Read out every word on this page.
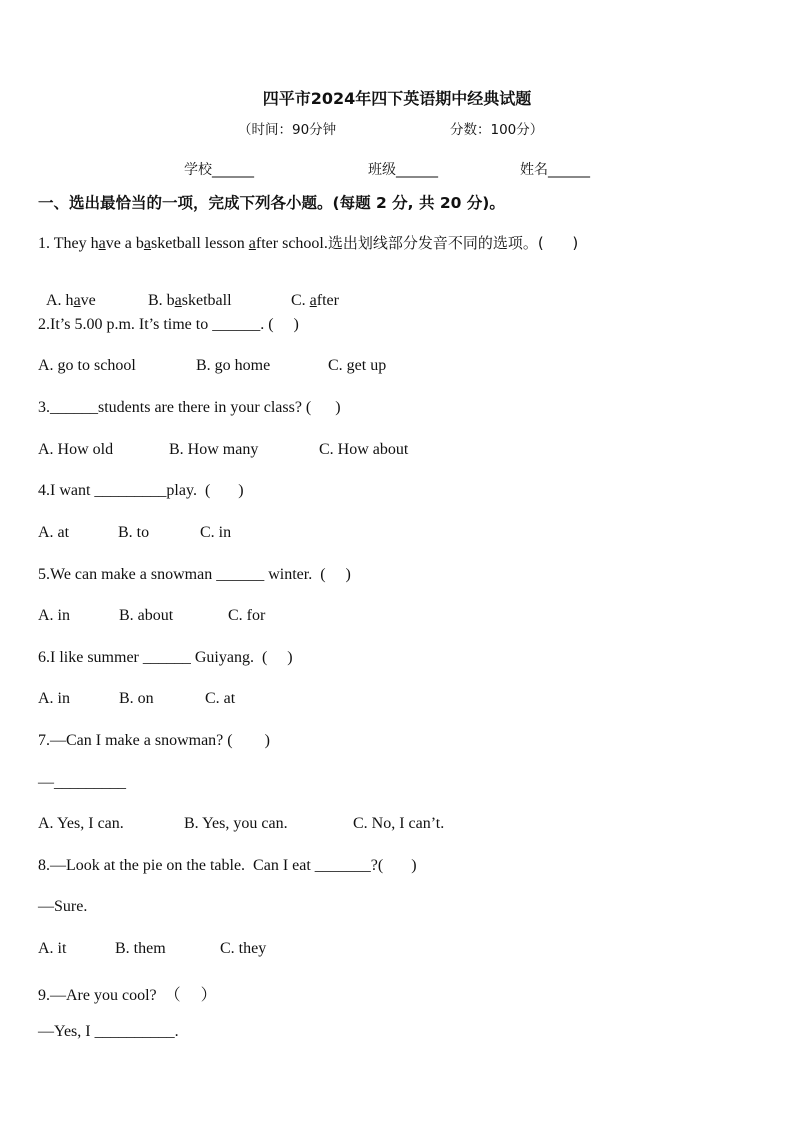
四平市2024年四下英语期中经典试题
（时间：90分钟	分数：100分）
学校______	班级______	姓名______
一、选出最恰当的一项，完成下列各小题。(每题 2 分, 共 20 分)。
1. They have a basketball lesson after school.选出划线部分发音不同的选项。(      )

A. have	B. basketball	C. after

2.It’s 5.00 p.m. It’s time to ______. (     )
A. go to school	B. go home	C. get up
3.______students are there in your class? (      )
A. How old	B. How many	C. How about
4.I want _________play.  (       )
A. at	B. to	C. in
5.We can make a snowman ______ winter.  (     )
A. in	B. about	C. for
6.I like summer ______ Guiyang.  (     )
A. in	B. on	C. at
7.—Can I make a snowman? (        )
—_________
A. Yes, I can.	B. Yes, you can.	C. No, I can’t.
8.—Look at the pie on the table.  Can I eat _______?(       )
—Sure.
A. it	B. them	C. they
9.—Are you cool?  （     ）
—Yes, I __________.
